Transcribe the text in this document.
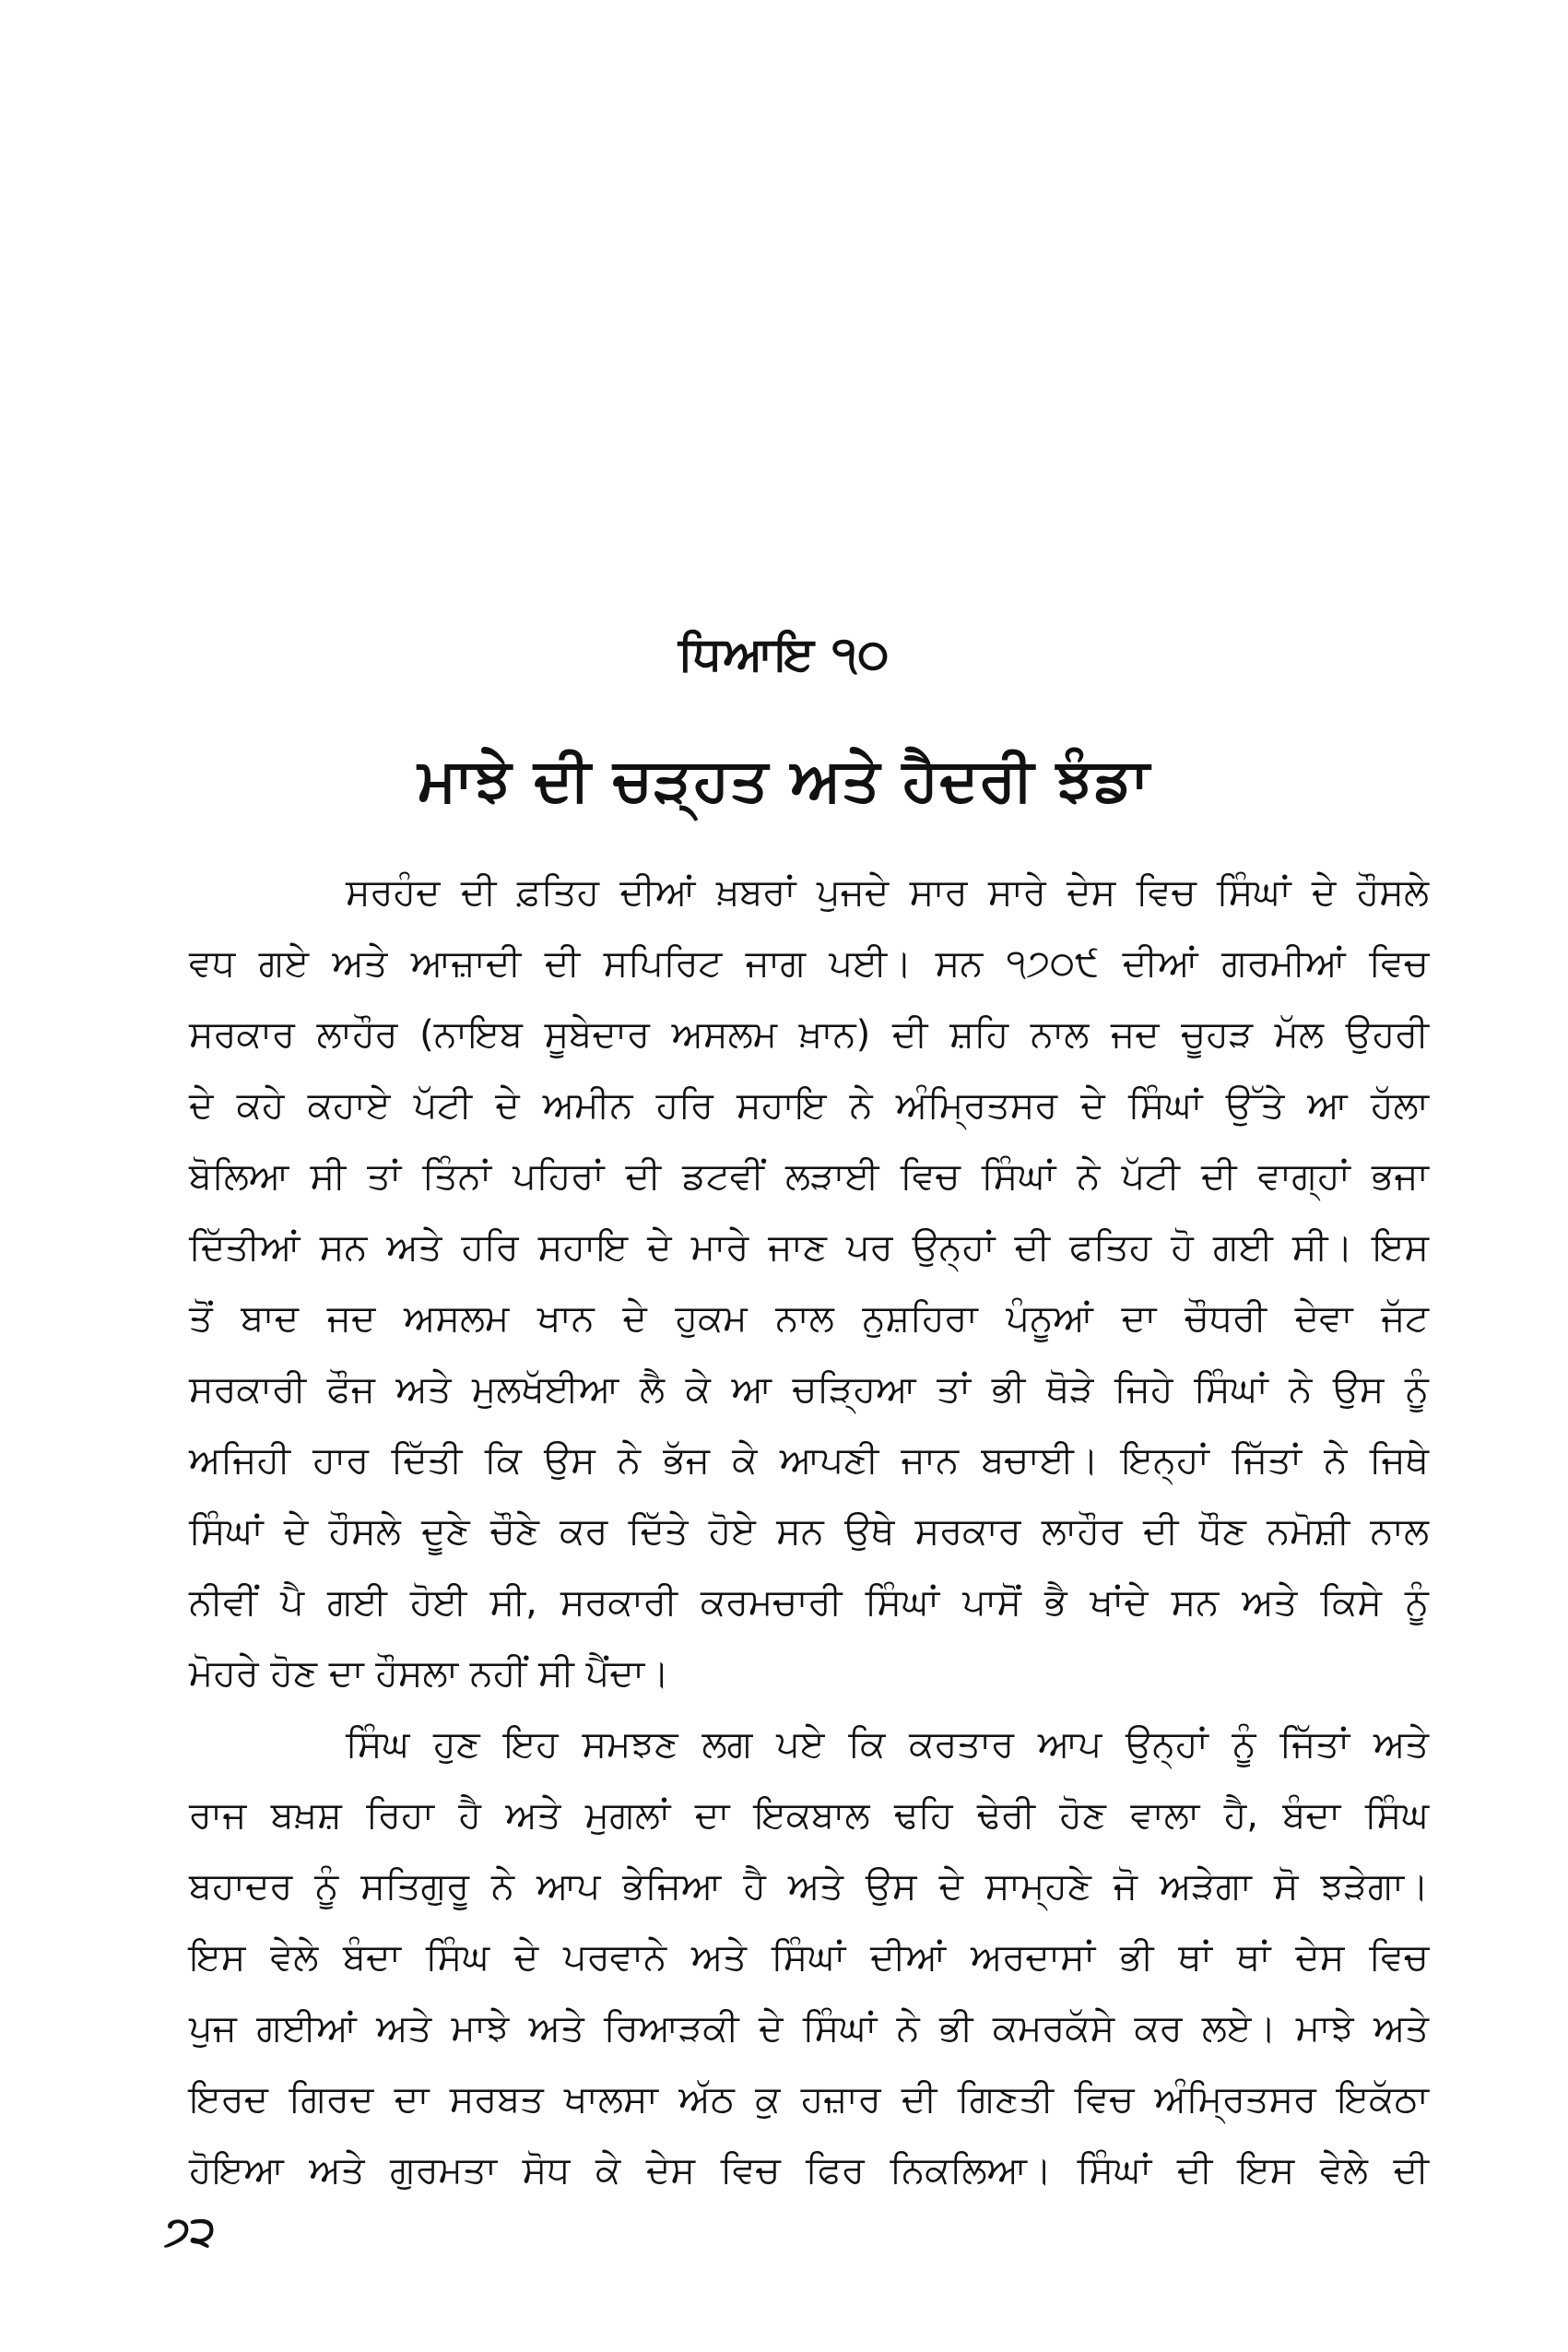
ਧਿਆਇ ੧੦
ਮਾਝੇ ਦੀ ਚੜ੍ਹਤ ਅਤੇ ਹੈਦਰੀ ਝੰਡਾ
ਸਰਹੰਦ ਦੀ ਫ਼ਤਿਹ ਦੀਆਂ ਖ਼ਬਰਾਂ ਪੁਜਦੇ ਸਾਰ ਸਾਰੇ ਦੇਸ ਵਿਚ ਸਿੰਘਾਂ ਦੇ ਹੌਸਲੇ
ਵਧ ਗਏ ਅਤੇ ਆਜ਼ਾਦੀ ਦੀ ਸਪਿਰਿਟ ਜਾਗ ਪਈ। ਸਨ ੧੭੦੯ ਦੀਆਂ ਗਰਮੀਆਂ ਵਿਚ
ਸਰਕਾਰ ਲਾਹੌਰ (ਨਾਇਬ ਸੂਬੇਦਾਰ ਅਸਲਮ ਖ਼ਾਨ) ਦੀ ਸ਼ਹਿ ਨਾਲ ਜਦ ਚੂਹੜ ਮੱਲ ਉਹਰੀ
ਦੇ ਕਹੇ ਕਹਾਏ ਪੱਟੀ ਦੇ ਅਮੀਨ ਹਰਿ ਸਹਾਇ ਨੇ ਅੰਮ੍ਰਿਤਸਰ ਦੇ ਸਿੰਘਾਂ ਉੱਤੇ ਆ ਹੱਲਾ
ਬੋਲਿਆ ਸੀ ਤਾਂ ਤਿੰਨਾਂ ਪਹਿਰਾਂ ਦੀ ਡਟਵੀਂ ਲੜਾਈ ਵਿਚ ਸਿੰਘਾਂ ਨੇ ਪੱਟੀ ਦੀ ਵਾਗ੍ਹਾਂ ਭਜਾ
ਦਿੱਤੀਆਂ ਸਨ ਅਤੇ ਹਰਿ ਸਹਾਇ ਦੇ ਮਾਰੇ ਜਾਣ ਪਰ ਉਨ੍ਹਾਂ ਦੀ ਫਤਿਹ ਹੋ ਗਈ ਸੀ। ਇਸ
ਤੋਂ ਬਾਦ ਜਦ ਅਸਲਮ ਖਾਨ ਦੇ ਹੁਕਮ ਨਾਲ ਨੁਸ਼ਹਿਰਾ ਪੰਨੂਆਂ ਦਾ ਚੌਧਰੀ ਦੇਵਾ ਜੱਟ
ਸਰਕਾਰੀ ਫੌਜ ਅਤੇ ਮੁਲਖੱਈਆ ਲੈ ਕੇ ਆ ਚੜ੍ਹਿਆ ਤਾਂ ਭੀ ਥੋੜੇ ਜਿਹੇ ਸਿੰਘਾਂ ਨੇ ਉਸ ਨੂੰ
ਅਜਿਹੀ ਹਾਰ ਦਿੱਤੀ ਕਿ ਉਸ ਨੇ ਭੱਜ ਕੇ ਆਪਣੀ ਜਾਨ ਬਚਾਈ। ਇਨ੍ਹਾਂ ਜਿੱਤਾਂ ਨੇ ਜਿਥੇ
ਸਿੰਘਾਂ ਦੇ ਹੌਸਲੇ ਦੂਣੇ ਚੌਣੇ ਕਰ ਦਿੱਤੇ ਹੋਏ ਸਨ ਉਥੇ ਸਰਕਾਰ ਲਾਹੌਰ ਦੀ ਧੌਣ ਨਮੋਸ਼ੀ ਨਾਲ
ਨੀਵੀਂ ਪੈ ਗਈ ਹੋਈ ਸੀ, ਸਰਕਾਰੀ ਕਰਮਚਾਰੀ ਸਿੰਘਾਂ ਪਾਸੋਂ ਭੈ ਖਾਂਦੇ ਸਨ ਅਤੇ ਕਿਸੇ ਨੂੰ
ਮੋਹਰੇ ਹੋਣ ਦਾ ਹੌਸਲਾ ਨਹੀਂ ਸੀ ਪੈਂਦਾ।
ਸਿੰਘ ਹੁਣ ਇਹ ਸਮਝਣ ਲਗ ਪਏ ਕਿ ਕਰਤਾਰ ਆਪ ਉਨ੍ਹਾਂ ਨੂੰ ਜਿੱਤਾਂ ਅਤੇ
ਰਾਜ ਬਖ਼ਸ਼ ਰਿਹਾ ਹੈ ਅਤੇ ਮੁਗਲਾਂ ਦਾ ਇਕਬਾਲ ਢਹਿ ਢੇਰੀ ਹੋਣ ਵਾਲਾ ਹੈ, ਬੰਦਾ ਸਿੰਘ
ਬਹਾਦਰ ਨੂੰ ਸਤਿਗੁਰੂ ਨੇ ਆਪ ਭੇਜਿਆ ਹੈ ਅਤੇ ਉਸ ਦੇ ਸਾਮ੍ਹਣੇ ਜੋ ਅੜੇਗਾ ਸੋ ਝੜੇਗਾ।
ਇਸ ਵੇਲੇ ਬੰਦਾ ਸਿੰਘ ਦੇ ਪਰਵਾਨੇ ਅਤੇ ਸਿੰਘਾਂ ਦੀਆਂ ਅਰਦਾਸਾਂ ਭੀ ਥਾਂ ਥਾਂ ਦੇਸ ਵਿਚ
ਪੁਜ ਗਈਆਂ ਅਤੇ ਮਾਝੇ ਅਤੇ ਰਿਆੜਕੀ ਦੇ ਸਿੰਘਾਂ ਨੇ ਭੀ ਕਮਰਕੱਸੇ ਕਰ ਲਏ। ਮਾਝੇ ਅਤੇ
ਇਰਦ ਗਿਰਦ ਦਾ ਸਰਬਤ ਖਾਲਸਾ ਅੱਠ ਕੁ ਹਜ਼ਾਰ ਦੀ ਗਿਣਤੀ ਵਿਚ ਅੰਮ੍ਰਿਤਸਰ ਇਕੱਠਾ
ਹੋਇਆ ਅਤੇ ਗੁਰਮਤਾ ਸੋਧ ਕੇ ਦੇਸ ਵਿਚ ਫਿਰ ਨਿਕਲਿਆ। ਸਿੰਘਾਂ ਦੀ ਇਸ ਵੇਲੇ ਦੀ
੭੨
